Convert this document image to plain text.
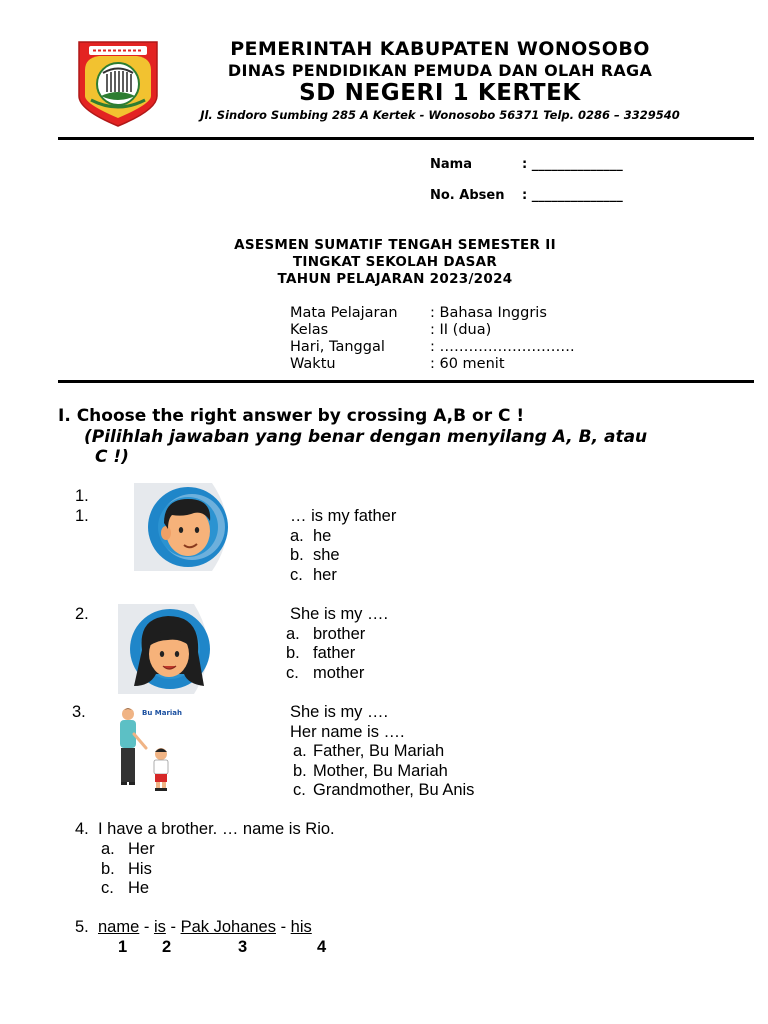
PEMERINTAH KABUPATEN WONOSOBO
DINAS PENDIDIKAN PEMUDA DAN OLAH RAGA
SD NEGERI 1 KERTEK
Jl. Sindoro Sumbing 285 A Kertek - Wonosobo 56371 Telp. 0286 – 3329540
Nama	: ______________
No. Absen : ______________
ASESMEN SUMATIF TENGAH SEMESTER II
TINGKAT SEKOLAH DASAR
TAHUN PELAJARAN 2023/2024
Mata Pelajaran : Bahasa Inggris
Kelas	: II (dua)
Hari, Tanggal	: ……………………….
Waktu	: 60 menit
I. Choose the right answer by crossing A,B or C !
(Pilihlah jawaban yang benar dengan menyilang A, B, atau
C !)
1.
1.	… is my father
a. he
b. she
c. her
2.	She is my ….
a. brother
b. father
c. mother
3.	Bu Mariah	She is my ….
Her name is ….
a. Father, Bu Mariah
b. Mother, Bu Mariah
c. Grandmother, Bu Anis
4. I have a brother. … name is Rio.
a. Her
b. His
c. He
5. name - is - Pak Johanes - his
1 2	3	4
